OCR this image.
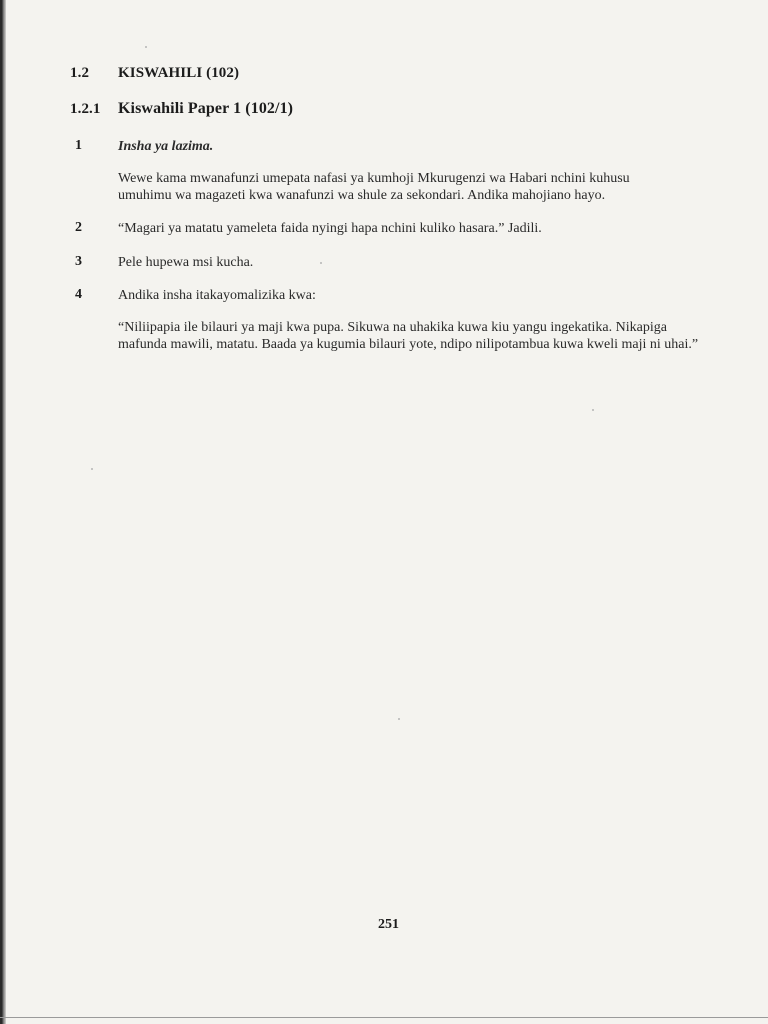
1.2 KISWAHILI (102)
1.2.1 Kiswahili Paper 1 (102/1)
1	Insha ya lazima.
Wewe kama mwanafunzi umepata nafasi ya kumhoji Mkurugenzi wa Habari nchini kuhusu umuhimu wa magazeti kwa wanafunzi wa shule za sekondari. Andika mahojiano hayo.
2	“Magari ya matatu yameleta faida nyingi hapa nchini kuliko hasara.” Jadili.
3	Pele hupewa msi kucha.
4	Andika insha itakayomalizika kwa:
“Niliipapia ile bilauri ya maji kwa pupa. Sikuwa na uhakika kuwa kiu yangu ingekatika. Nikapiga mafunda mawili, matatu. Baada ya kugumia bilauri yote, ndipo nilipotambua kuwa kweli maji ni uhai.”
251
